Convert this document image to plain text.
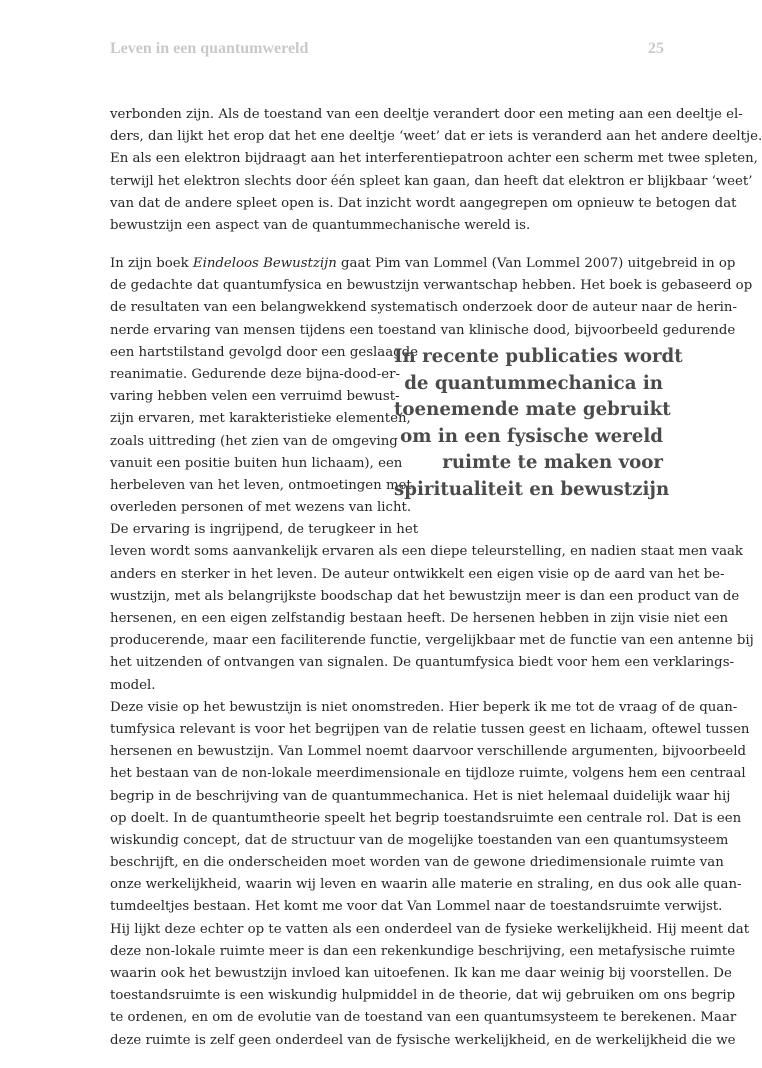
Leven in een quantumwereld	25
verbonden zijn. Als de toestand van een deeltje verandert door een meting aan een deeltje el-
ders, dan lijkt het erop dat het ene deeltje ‘weet’ dat er iets is veranderd aan het andere deeltje.
En als een elektron bijdraagt aan het interferentiepatroon achter een scherm met twee spleten,
terwijl het elektron slechts door één spleet kan gaan, dan heeft dat elektron er blijkbaar ‘weet’
van dat de andere spleet open is. Dat inzicht wordt aangegrepen om opnieuw te betogen dat
bewustzijn een aspect van de quantummechanische wereld is.
In zijn boek Eindeloos Bewustzijn gaat Pim van Lommel (Van Lommel 2007) uitgebreid in op
de gedachte dat quantumfysica en bewustzijn verwantschap hebben. Het boek is gebaseerd op
de resultaten van een belangwekkend systematisch onderzoek door de auteur naar de herin-
nerde ervaring van mensen tijdens een toestand van klinische dood, bijvoorbeeld gedurende
een hartstilstand gevolgd door een geslaagde
reanimatie. Gedurende deze bijna-dood-er-
varing hebben velen een verruimd bewust-
zijn ervaren, met karakteristieke elementen,
zoals uittreding (het zien van de omgeving
vanuit een positie buiten hun lichaam), een
herbeleven van het leven, ontmoetingen met
overleden personen of met wezens van licht.
De ervaring is ingrijpend, de terugkeer in het
leven wordt soms aanvankelijk ervaren als een diepe teleurstelling, en nadien staat men vaak
anders en sterker in het leven. De auteur ontwikkelt een eigen visie op de aard van het be-
wustzijn, met als belangrijkste boodschap dat het bewustzijn meer is dan een product van de
hersenen, en een eigen zelfstandig bestaan heeft. De hersenen hebben in zijn visie niet een
producerende, maar een faciliterende functie, vergelijkbaar met de functie van een antenne bij
het uitzenden of ontvangen van signalen. De quantumfysica biedt voor hem een verklarings-
model.
Deze visie op het bewustzijn is niet onomstreden. Hier beperk ik me tot de vraag of de quan-
tumfysica relevant is voor het begrijpen van de relatie tussen geest en lichaam, oftewel tussen
hersenen en bewustzijn. Van Lommel noemt daarvoor verschillende argumenten, bijvoorbeeld
het bestaan van de non-lokale meerdimensionale en tijdloze ruimte, volgens hem een centraal
begrip in de beschrijving van de quantummechanica. Het is niet helemaal duidelijk waar hij
op doelt. In de quantumtheorie speelt het begrip toestandsruimte een centrale rol. Dat is een
wiskundig concept, dat de structuur van de mogelijke toestanden van een quantumsysteem
beschrijft, en die onderscheiden moet worden van de gewone driedimensionale ruimte van
onze werkelijkheid, waarin wij leven en waarin alle materie en straling, en dus ook alle quan-
tumdeeltjes bestaan. Het komt me voor dat Van Lommel naar de toestandsruimte verwijst.
Hij lijkt deze echter op te vatten als een onderdeel van de fysieke werkelijkheid. Hij meent dat
deze non-lokale ruimte meer is dan een rekenkundige beschrijving, een metafysische ruimte
waarin ook het bewustzijn invloed kan uitoefenen. Ik kan me daar weinig bij voorstellen. De
toestandsruimte is een wiskundig hulpmiddel in de theorie, dat wij gebruiken om ons begrip
te ordenen, en om de evolutie van de toestand van een quantumsysteem te berekenen. Maar
deze ruimte is zelf geen onderdeel van de fysische werkelijkheid, en de werkelijkheid die we
In recente publicaties wordt
de quantummechanica in
toenemende mate gebruikt
om in een fysische wereld
ruimte te maken voor
spiritualiteit en bewustzijn
